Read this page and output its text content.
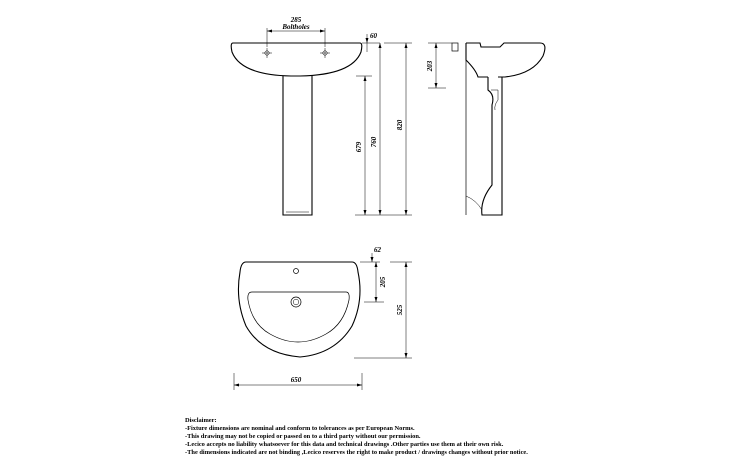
285
Boltholes
60
679 760
820
203
62
205
525
650
Disclaimer:
-Fixture dimensions are nominal and conform to tolerances as per European Norms.
-This drawing may not be copied or passed on to a third party without our permission.
-Lecico accepts no liability whatsoever for this data and technical drawings .Other parties use them at their own risk.
-The dimensions indicated are not binding ,Lecico reserves the right to make product / drawings changes without prior notice.
